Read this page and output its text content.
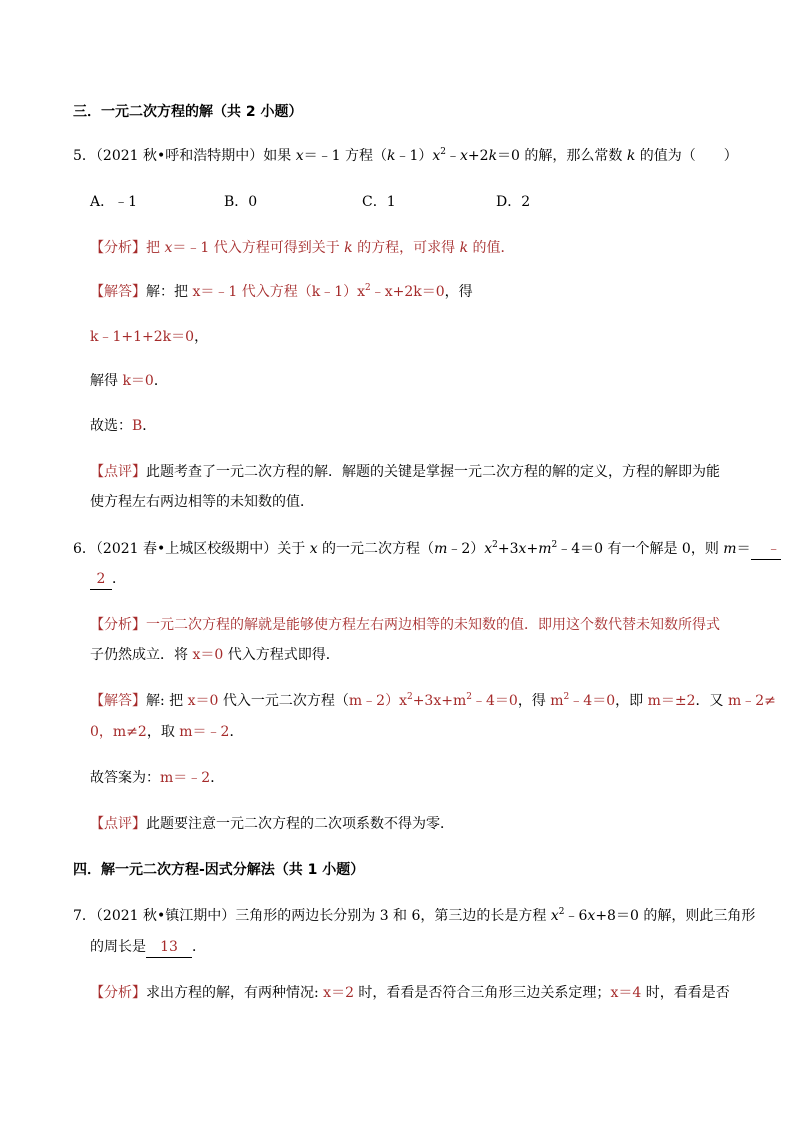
三．一元二次方程的解（共 2 小题）
5．（2021 秋•呼和浩特期中）如果 x＝﹣1 方程$(k﹣1)x^2﹣x+2k=0$ 的解，那么常数 k 的值为（　　）
A．﹣1	B．0	C．1	D．2
【分析】把 x＝﹣1 代入方程可得到关于 k 的方程，可求得 k 的值．
【解答】解：把 x＝﹣1 代入方程$(k﹣1)x^2﹣x+2k=0$，得
k﹣1+1+2k＝0，
解得 k＝0．
故选：B．
【点评】此题考查了一元二次方程的解．解题的关键是掌握一元二次方程的解的定义，方程的解即为能
使方程左右两边相等的未知数的值．
6．（2021 春•上城区校级期中）关于 x 的一元二次方程$(m﹣2)x^2+3x+m^2﹣4=0$ 有一个解是 0，则 m＝ ﹣
2 ．
【分析】一元二次方程的解就是能够使方程左右两边相等的未知数的值．即用这个数代替未知数所得式
子仍然成立．将 x＝0 代入方程式即得．
【解答】解: 把 x＝0 代入一元二次方程$(m﹣2)x^2+3x+m^2﹣4=0$，得 $m^2﹣4=0$，即 m＝±2．又 m﹣2≠
0，m≠2，取 m＝﹣2．
故答案为：m＝﹣2．
【点评】此题要注意一元二次方程的二次项系数不得为零．
四．解一元二次方程-因式分解法（共 1 小题）
7．（2021 秋•镇江期中）三角形的两边长分别为 3 和 6，第三边的长是方程 $x^2﹣6x+8=0$ 的解，则此三角形
的周长是 13 ．
【分析】求出方程的解，有两种情况: x＝2 时，看看是否符合三角形三边关系定理；x＝4 时，看看是否
